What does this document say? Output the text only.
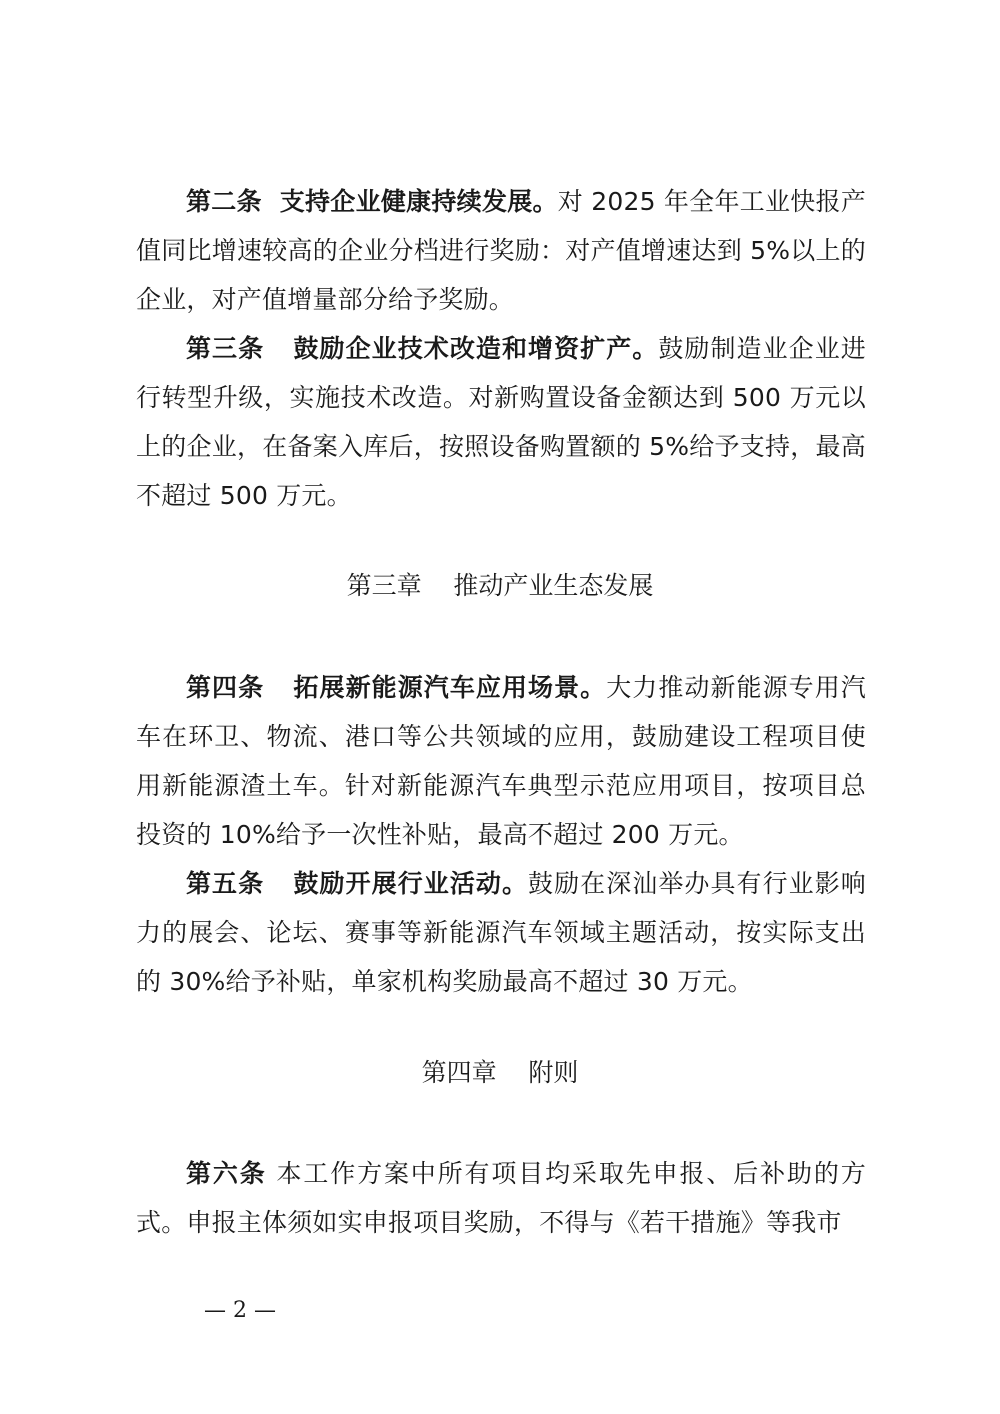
第二条  支持企业健康持续发展。对 2025 年全年工业快报产值同比增速较高的企业分档进行奖励：对产值增速达到 5%以上的企业，对产值增量部分给予奖励。

第三条   鼓励企业技术改造和增资扩产。鼓励制造业企业进行转型升级，实施技术改造。对新购置设备金额达到 500 万元以上的企业，在备案入库后，按照设备购置额的 5%给予支持，最高不超过 500 万元。

第三章    推动产业生态发展

第四条   拓展新能源汽车应用场景。大力推动新能源专用汽车在环卫、物流、港口等公共领域的应用，鼓励建设工程项目使用新能源渣土车。针对新能源汽车典型示范应用项目，按项目总投资的 10%给予一次性补贴，最高不超过 200 万元。

第五条   鼓励开展行业活动。鼓励在深汕举办具有行业影响力的展会、论坛、赛事等新能源汽车领域主题活动，按实际支出的 30%给予补贴，单家机构奖励最高不超过 30 万元。

第四章    附则

第六条 本工作方案中所有项目均采取先申报、后补助的方式。申报主体须如实申报项目奖励，不得与《若干措施》等我市

— 2 —
